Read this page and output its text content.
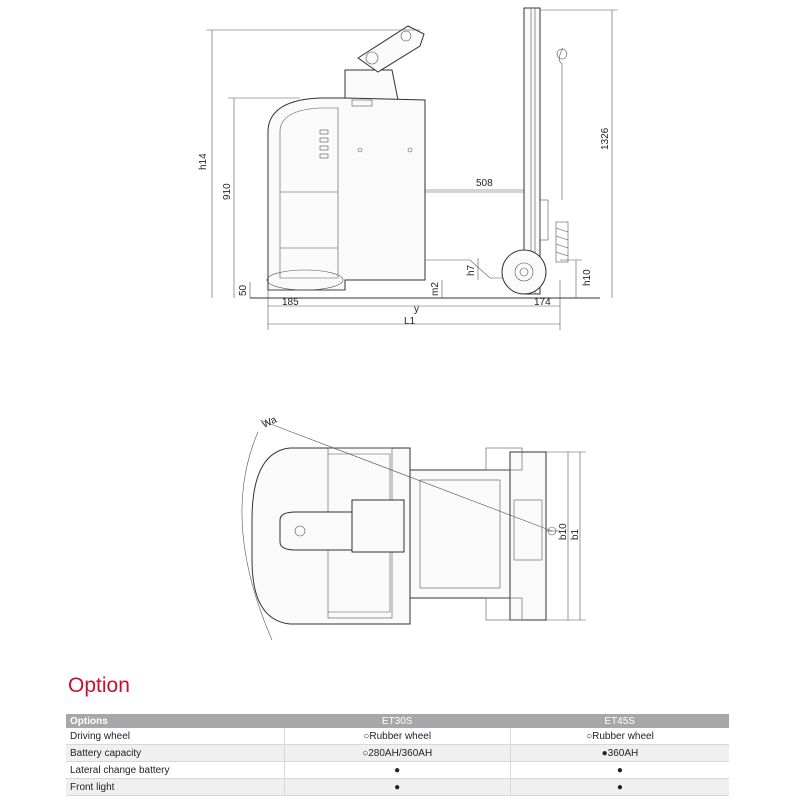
h14
910
1326
508
h7	h10
50	m2
185	174
y
L1
Wa
b10 b1
Option
Options	ET30S	ET45S
Driving wheel	○Rubber wheel	○Rubber wheel
Battery capacity	○280AH/360AH	●360AH
Lateral change battery	●	●
Front light	●	●
